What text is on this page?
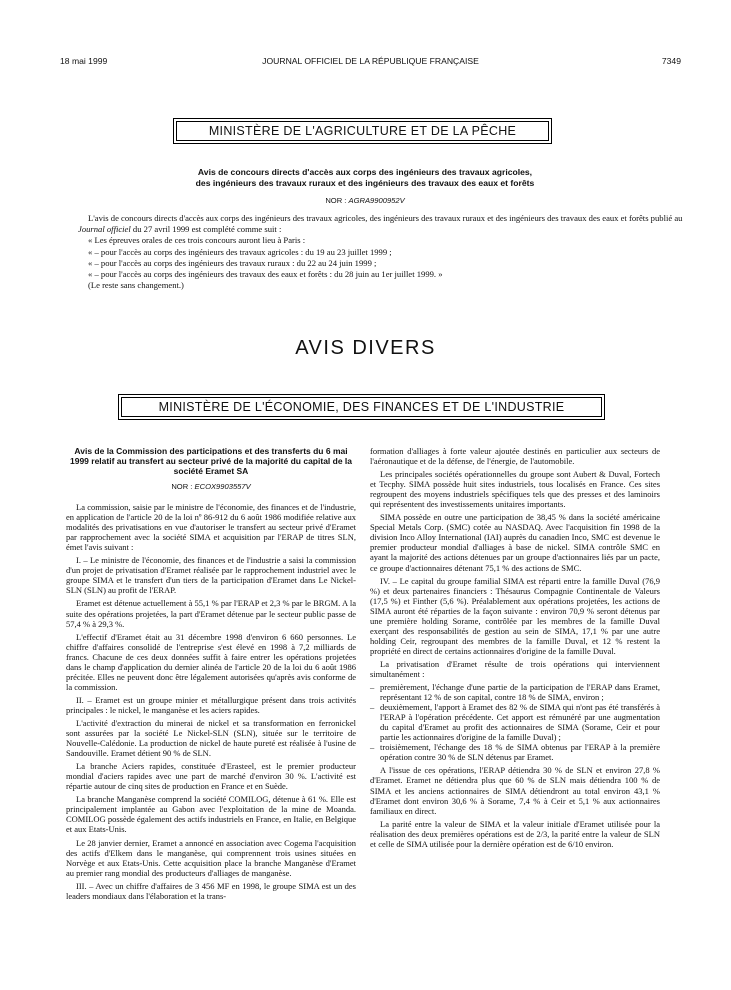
18 mai 1999	JOURNAL OFFICIEL DE LA RÉPUBLIQUE FRANÇAISE	7349
MINISTÈRE DE L'AGRICULTURE ET DE LA PÊCHE
Avis de concours directs d'accès aux corps des ingénieurs des travaux agricoles,
des ingénieurs des travaux ruraux et des ingénieurs des travaux des eaux et forêts
NOR : AGRA9900952V

L'avis de concours directs d'accès aux corps des ingénieurs des travaux agricoles, des ingénieurs des travaux ruraux et des ingénieurs des travaux des eaux et forêts publié au Journal officiel du 27 avril 1999 est complété comme suit :

« Les épreuves orales de ces trois concours auront lieu à Paris :

« – pour l'accès au corps des ingénieurs des travaux agricoles : du 19 au 23 juillet 1999 ;

« – pour l'accès au corps des ingénieurs des travaux ruraux : du 22 au 24 juin 1999 ;

« – pour l'accès au corps des ingénieurs des travaux des eaux et forêts : du 28 juin au 1er juillet 1999. »

(Le reste sans changement.)

AVIS DIVERS
MINISTÈRE DE L'ÉCONOMIE, DES FINANCES ET DE L'INDUSTRIE
Avis de la Commission des participations et des transferts du 6 mai 1999 relatif au transfert au secteur privé de la majorité du capital de la société Eramet SA
NOR : ECOX9903557V

La commission, saisie par le ministre de l'économie, des finances et de l'industrie, en application de l'article 20 de la loi nº 86-912 du 6 août 1986 modifiée relative aux modalités des privatisations en vue d'autoriser le transfert au secteur privé d'Eramet par rapprochement avec la société SIMA et acquisition par l'ERAP de titres SLN, émet l'avis suivant :

I. – Le ministre de l'économie, des finances et de l'industrie a saisi la commission d'un projet de privatisation d'Eramet réalisée par le rapprochement industriel avec le groupe SIMA et le transfert d'un tiers de la participation d'Eramet dans Le Nickel-SLN (SLN) au profit de l'ERAP.

Eramet est détenue actuellement à 55,1 % par l'ERAP et 2,3 % par le BRGM. A la suite des opérations projetées, la part d'Eramet détenue par le secteur public passe de 57,4 % à 29,3 %.

L'effectif d'Eramet était au 31 décembre 1998 d'environ 6 660 personnes. Le chiffre d'affaires consolidé de l'entreprise s'est élevé en 1998 à 7,2 milliards de francs. Chacune de ces deux données suffit à faire entrer les opérations projetées dans le champ d'application du dernier alinéa de l'article 20 de la loi du 6 août 1986 précitée. Elles ne peuvent donc être légalement autorisées qu'après avis conforme de la commission.

II. – Eramet est un groupe minier et métallurgique présent dans trois activités principales : le nickel, le manganèse et les aciers rapides.

L'activité d'extraction du minerai de nickel et sa transformation en ferronickel sont assurées par la société Le Nickel-SLN (SLN), située sur le territoire de Nouvelle-Calédonie. La production de nickel de haute pureté est réalisée à l'usine de Sandouville. Eramet détient 90 % de SLN.

La branche Aciers rapides, constituée d'Erasteel, est le premier producteur mondial d'aciers rapides avec une part de marché d'environ 30 %. L'activité est répartie autour de cinq sites de production en France et en Suède.

La branche Manganèse comprend la société COMILOG, détenue à 61 %. Elle est principalement implantée au Gabon avec l'exploitation de la mine de Moanda. COMILOG possède également des actifs industriels en France, en Italie, en Belgique et aux Etats-Unis.

Le 28 janvier dernier, Eramet a annoncé en association avec Cogema l'acquisition des actifs d'Elkem dans le manganèse, qui comprennent trois usines situées en Norvège et aux Etats-Unis. Cette acquisition place la branche Manganèse d'Eramet au premier rang mondial des producteurs d'alliages de manganèse.

III. – Avec un chiffre d'affaires de 3 456 MF en 1998, le groupe SIMA est un des leaders mondiaux dans l'élaboration et la trans-

formation d'alliages à forte valeur ajoutée destinés en particulier aux secteurs de l'aéronautique et de la défense, de l'énergie, de l'automobile.

Les principales sociétés opérationnelles du groupe sont Aubert & Duval, Fortech et Tecphy. SIMA possède huit sites industriels, tous localisés en France. Ces sites regroupent des moyens industriels spécifiques tels que des presses et des laminoirs qui représentent des investissements unitaires importants.

SIMA possède en outre une participation de 38,45 % dans la société américaine Special Metals Corp. (SMC) cotée au NASDAQ. Avec l'acquisition fin 1998 de la division Inco Alloy International (IAI) auprès du canadien Inco, SMC est devenue le premier producteur mondial d'alliages à base de nickel. SIMA contrôle SMC en ayant la majorité des actions détenues par un groupe d'actionnaires liés par un pacte, ce groupe d'actionnaires détenant 75,1 % des actions de SMC.

IV. – Le capital du groupe familial SIMA est réparti entre la famille Duval (76,9 %) et deux partenaires financiers : Thésaurus Compagnie Continentale de Valeurs (17,5 %) et Finther (5,6 %). Préalablement aux opérations projetées, les actions de SIMA auront été réparties de la façon suivante : environ 70,9 % seront détenus par une première holding Sorame, contrôlée par les membres de la famille Duval exerçant des responsabilités de gestion au sein de SIMA, 17,1 % par une autre holding Ceir, regroupant des membres de la famille Duval, et 12 % restent la propriété en direct de certains actionnaires d'origine de la famille Duval.

La privatisation d'Eramet résulte de trois opérations qui interviennent simultanément :

– premièrement, l'échange d'une partie de la participation de l'ERAP dans Eramet, représentant 12 % de son capital, contre 18 % de SIMA, environ ;
– deuxièmement, l'apport à Eramet des 82 % de SIMA qui n'ont pas été transférés à l'ERAP à l'opération précédente. Cet apport est rémunéré par une augmentation du capital d'Eramet au profit des actionnaires de SIMA (Sorame, Ceir et pour partie les actionnaires d'origine de la famille Duval) ;
– troisièmement, l'échange des 18 % de SIMA obtenus par l'ERAP à la première opération contre 30 % de SLN détenus par Eramet.

A l'issue de ces opérations, l'ERAP détiendra 30 % de SLN et environ 27,8 % d'Eramet. Eramet ne détiendra plus que 60 % de SLN mais détiendra 100 % de SIMA et les anciens actionnaires de SIMA détiendront au total environ 43,1 % d'Eramet dont environ 30,6 % à Sorame, 7,4 % à Ceir et 5,1 % aux actionnaires familiaux en direct.

La parité entre la valeur de SIMA et la valeur initiale d'Eramet utilisée pour la réalisation des deux premières opérations est de 2/3, la parité entre la valeur de SLN et celle de SIMA utilisée pour la dernière opération est de 6/10 environ.
